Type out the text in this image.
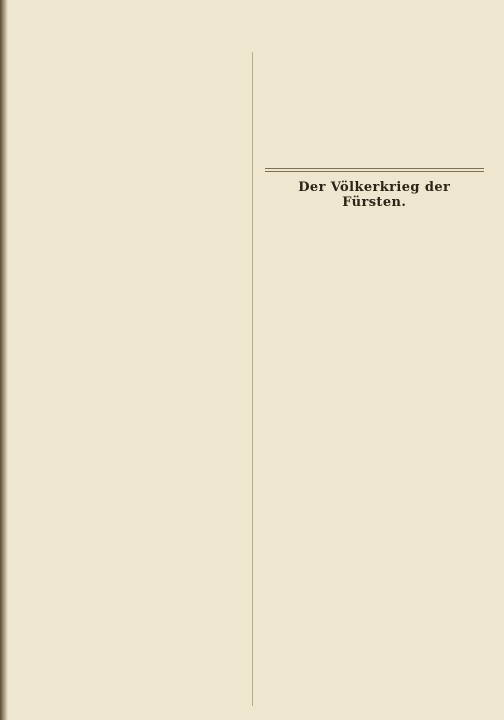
Der Völkerkrieg der Fürsten.
